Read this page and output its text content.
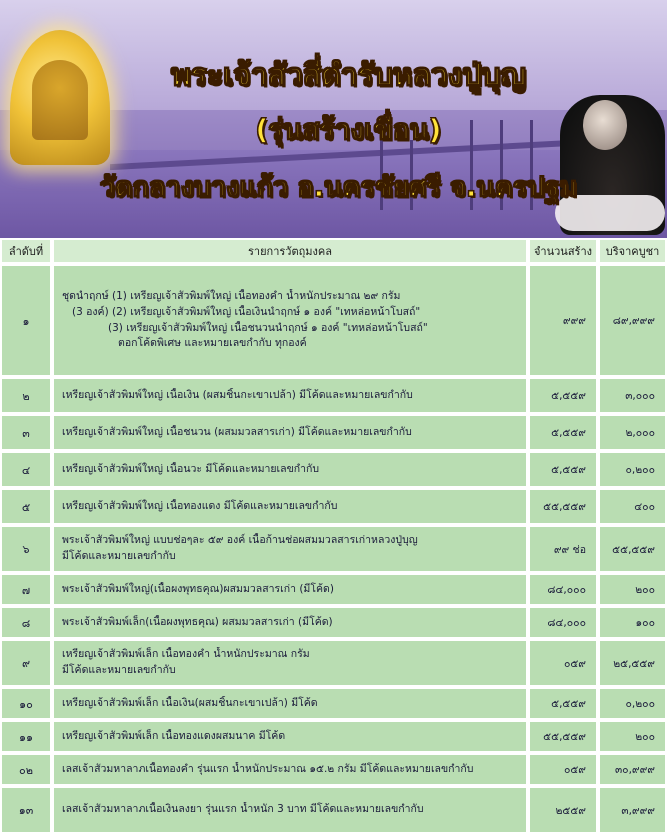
พระเจ้าสัวสี่ตำรับหลวงปู่บุญ
(รุ่นสร้างเขื่อน)
วัดกลางบางแก้ว อ.นครชัยศรี จ.นครปฐม
ลำดับที่	รายการวัตถุมงคล	จำนวนสร้าง	บริจาคบูชา
๑	ชุดนำฤกษ์ (1) เหรียญเจ้าสัวพิมพ์ใหญ่ เนื้อทองคำ น้ำหนักประมาณ ๒๙ กรัม
(3 องค์) (2) เหรียญเจ้าสัวพิมพ์ใหญ่ เนื้อเงินนำฤกษ์ ๑ องค์ "เทหล่อหน้าโบสถ์"
(3) เหรียญเจ้าสัวพิมพ์ใหญ่ เนื้อชนวนนำฤกษ์ ๑ องค์ "เทหล่อหน้าโบสถ์"
ตอกโค้ดพิเศษ และหมายเลขกำกับ ทุกองค์	๙๙๙	๘๙,๙๙๙
๒	เหรียญเจ้าสัวพิมพ์ใหญ่ เนื้อเงิน (ผสมชิ้นกะเขาเปล้า) มีโค้ดและหมายเลขกำกับ	๕,๕๕๙	๓,๐๐๐
๓	เหรียญเจ้าสัวพิมพ์ใหญ่ เนื้อชนวน (ผสมมวลสารเก่า) มีโค้ดและหมายเลขกำกับ	๕,๕๕๙	๒,๐๐๐
๔	เหรียญเจ้าสัวพิมพ์ใหญ่ เนื้อนวะ มีโค้ดและหมายเลขกำกับ	๕,๕๕๙	๐,๒๐๐
๕	เหรียญเจ้าสัวพิมพ์ใหญ่ เนื้อทองแดง มีโค้ดและหมายเลขกำกับ	๕๕,๕๕๙	๔๐๐
๖	พระเจ้าสัวพิมพ์ใหญ่ แบบช่อๆละ ๕๙ องค์ เนื้อก้านช่อผสมมวลสารเก่าหลวงปู่บุญ
มีโค้ดและหมายเลขกำกับ	๙๙ ช่อ	๕๕,๕๕๙
๗	พระเจ้าสัวพิมพ์ใหญ่(เนื้อผงพุทธคุณ)ผสมมวลสารเก่า (มีโค้ด)	๘๔,๐๐๐	๒๐๐
๘	พระเจ้าสัวพิมพ์เล็ก(เนื้อผงพุทธคุณ) ผสมมวลสารเก่า (มีโค้ด)	๘๔,๐๐๐	๑๐๐
๙	เหรียญเจ้าสัวพิมพ์เล็ก เนื้อทองคำ น้ำหนักประมาณ กรัม
มีโค้ดและหมายเลขกำกับ	๐๕๙	๒๕,๕๕๙
๑๐	เหรียญเจ้าสัวพิมพ์เล็ก เนื้อเงิน(ผสมชิ้นกะเขาเปล้า) มีโค้ด	๕,๕๕๙	๐,๒๐๐
๑๑	เหรียญเจ้าสัวพิมพ์เล็ก เนื้อทองแดงผสมนาค มีโค้ด	๕๕,๕๕๙	๒๐๐
๐๒	เลสเจ้าสัวมหาลาภเนื้อทองคำ รุ่นแรก น้ำหนักประมาณ ๑๕.๒ กรัม มีโค้ดและหมายเลขกำกับ	๐๕๙	๓๐,๙๙๙
๑๓	เลสเจ้าสัวมหาลาภเนื้อเงินลงยา รุ่นแรก น้ำหนัก 3 บาท มีโค้ดและหมายเลขกำกับ	๒๕๕๙	๓,๙๙๙
